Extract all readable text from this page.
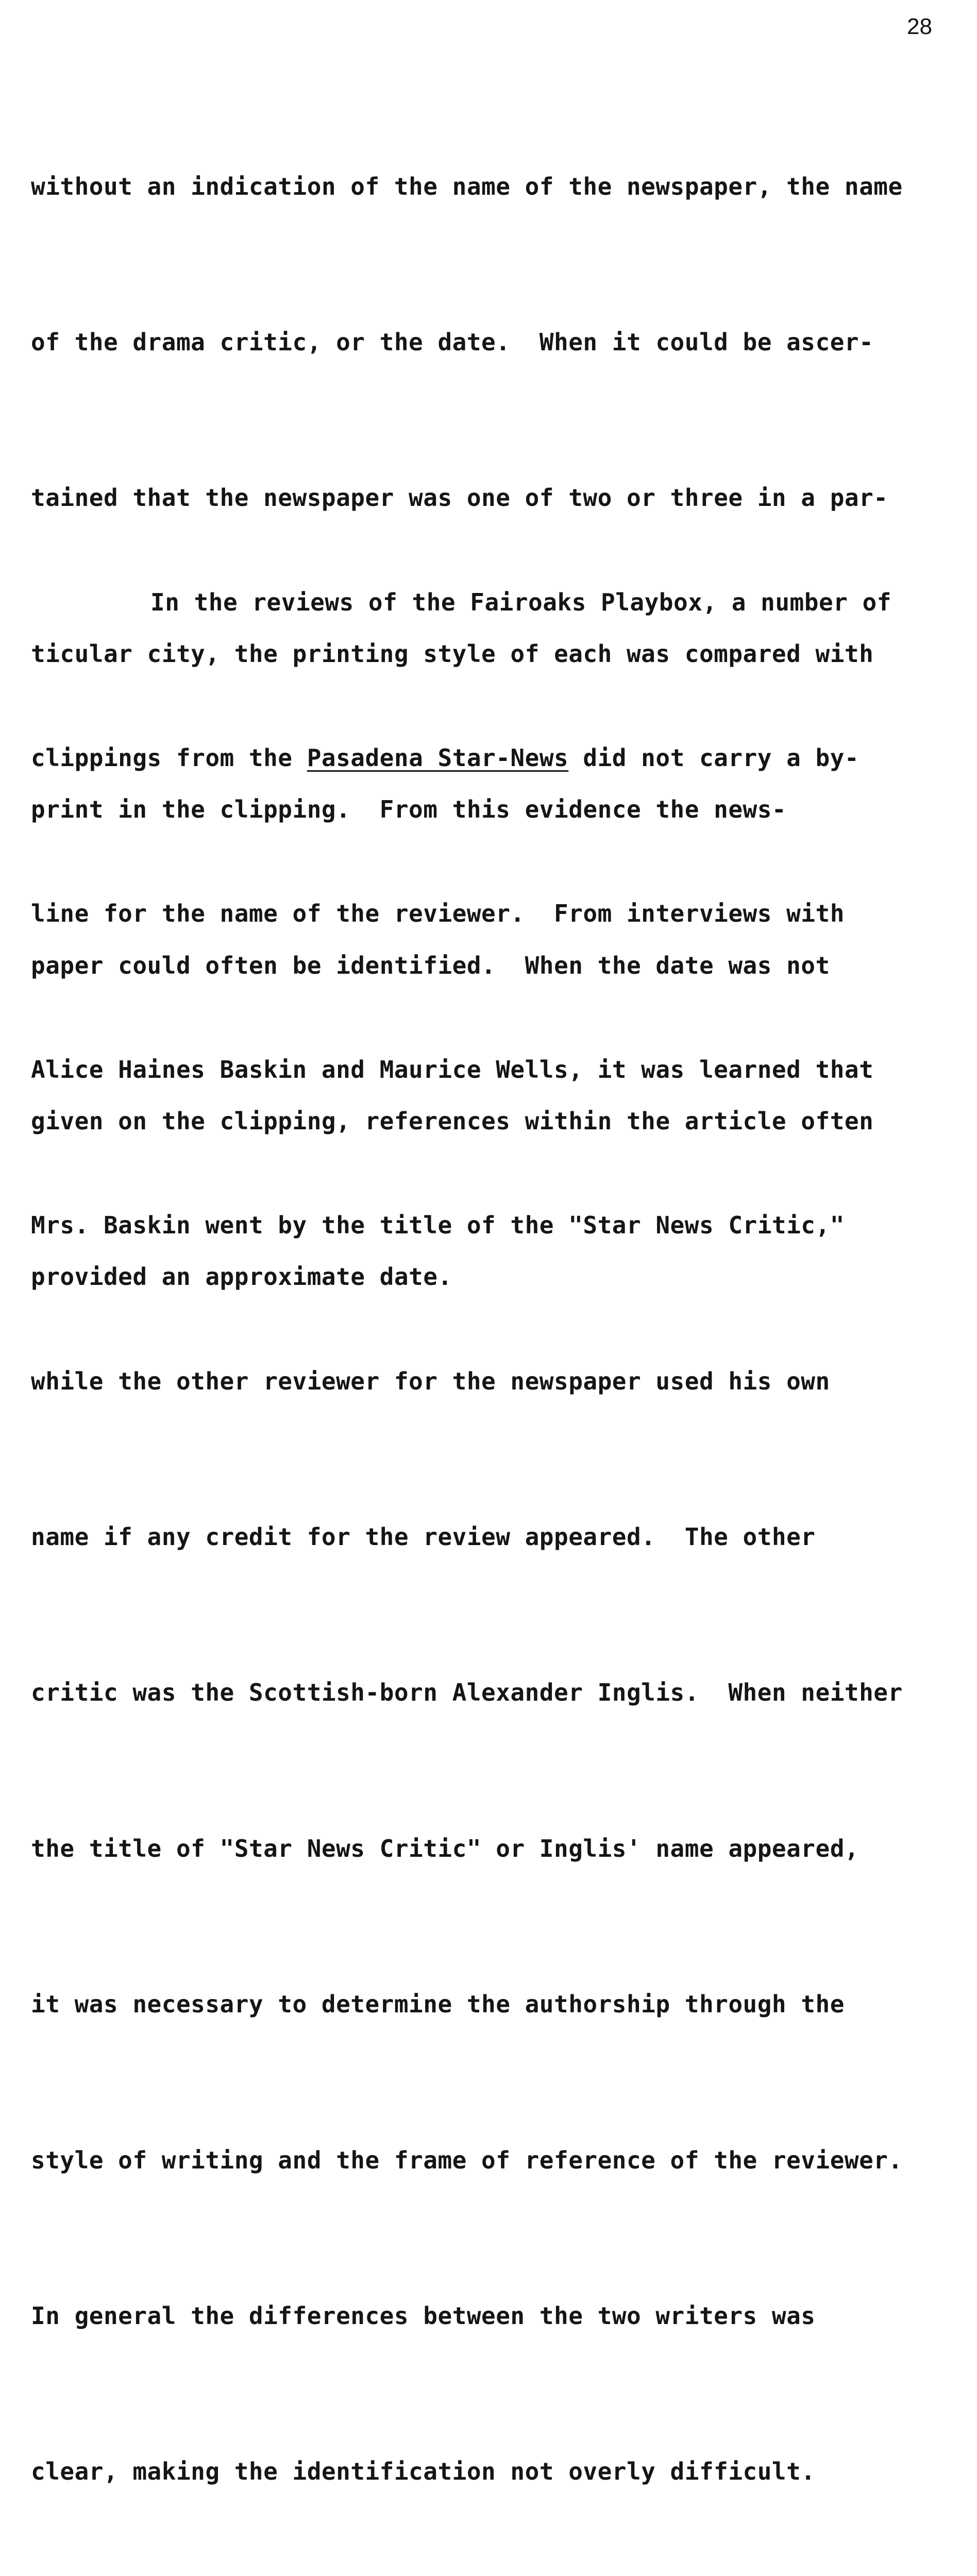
28

without an indication of the name of the newspaper, the name

of the drama critic, or the date.  When it could be ascer-

tained that the newspaper was one of two or three in a par-

ticular city, the printing style of each was compared with

print in the clipping.  From this evidence the news-

paper could often be identified.  When the date was not

given on the clipping, references within the article often

provided an approximate date.

In the reviews of the Fairoaks Playbox, a number of

clippings from the Pasadena Star-News did not carry a by-

line for the name of the reviewer.  From interviews with

Alice Haines Baskin and Maurice Wells, it was learned that

Mrs. Baskin went by the title of the "Star News Critic,"

while the other reviewer for the newspaper used his own

name if any credit for the review appeared.  The other

critic was the Scottish-born Alexander Inglis.  When neither

the title of "Star News Critic" or Inglis' name appeared,

it was necessary to determine the authorship through the

style of writing and the frame of reference of the reviewer.

In general the differences between the two writers was

clear, making the identification not overly difficult.
